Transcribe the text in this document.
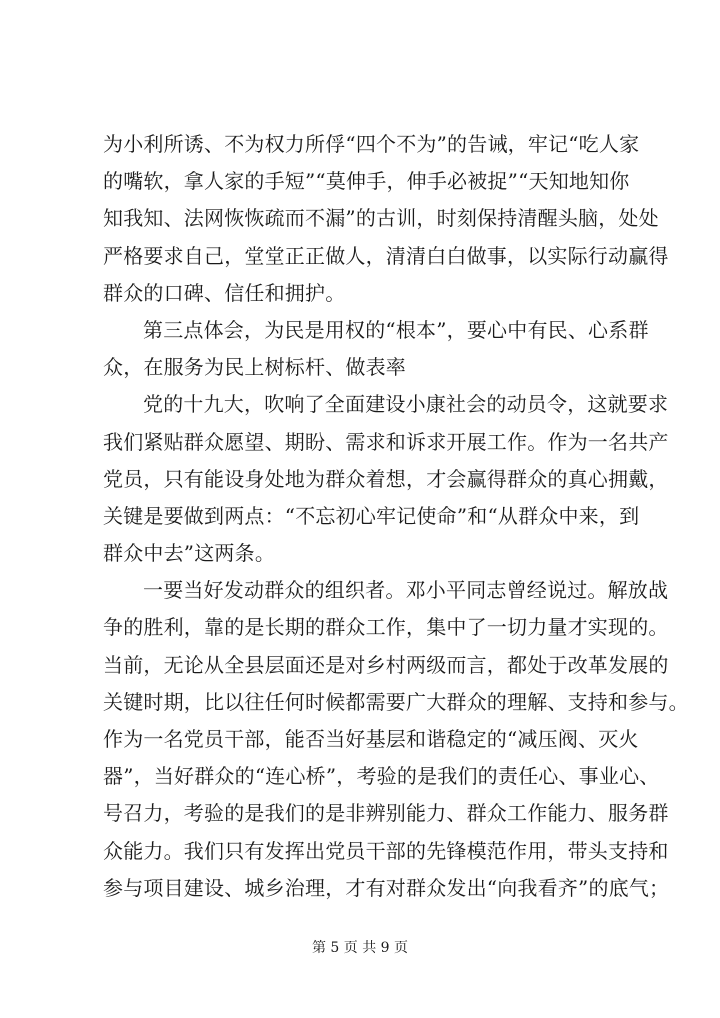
为小利所诱、不为权力所俘“四个不为”的告诫，牢记“吃人家
的嘴软，拿人家的手短”“莫伸手，伸手必被捉”“天知地知你
知我知、法网恢恢疏而不漏”的古训，时刻保持清醒头脑，处处
严格要求自己，堂堂正正做人，清清白白做事，以实际行动赢得
群众的口碑、信任和拥护。
第三点体会，为民是用权的“根本”，要心中有民、心系群
众，在服务为民上树标杆、做表率
党的十九大，吹响了全面建设小康社会的动员令，这就要求
我们紧贴群众愿望、期盼、需求和诉求开展工作。作为一名共产
党员，只有能设身处地为群众着想，才会赢得群众的真心拥戴，
关键是要做到两点：“不忘初心牢记使命”和“从群众中来，到
群众中去”这两条。
一要当好发动群众的组织者。邓小平同志曾经说过。解放战
争的胜利，靠的是长期的群众工作，集中了一切力量才实现的。
当前，无论从全县层面还是对乡村两级而言，都处于改革发展的
关键时期，比以往任何时候都需要广大群众的理解、支持和参与。
作为一名党员干部，能否当好基层和谐稳定的“减压阀、灭火
器”，当好群众的“连心桥”，考验的是我们的责任心、事业心、
号召力，考验的是我们的是非辨别能力、群众工作能力、服务群
众能力。我们只有发挥出党员干部的先锋模范作用，带头支持和
参与项目建设、城乡治理，才有对群众发出“向我看齐”的底气；
第 5 页 共 9 页
